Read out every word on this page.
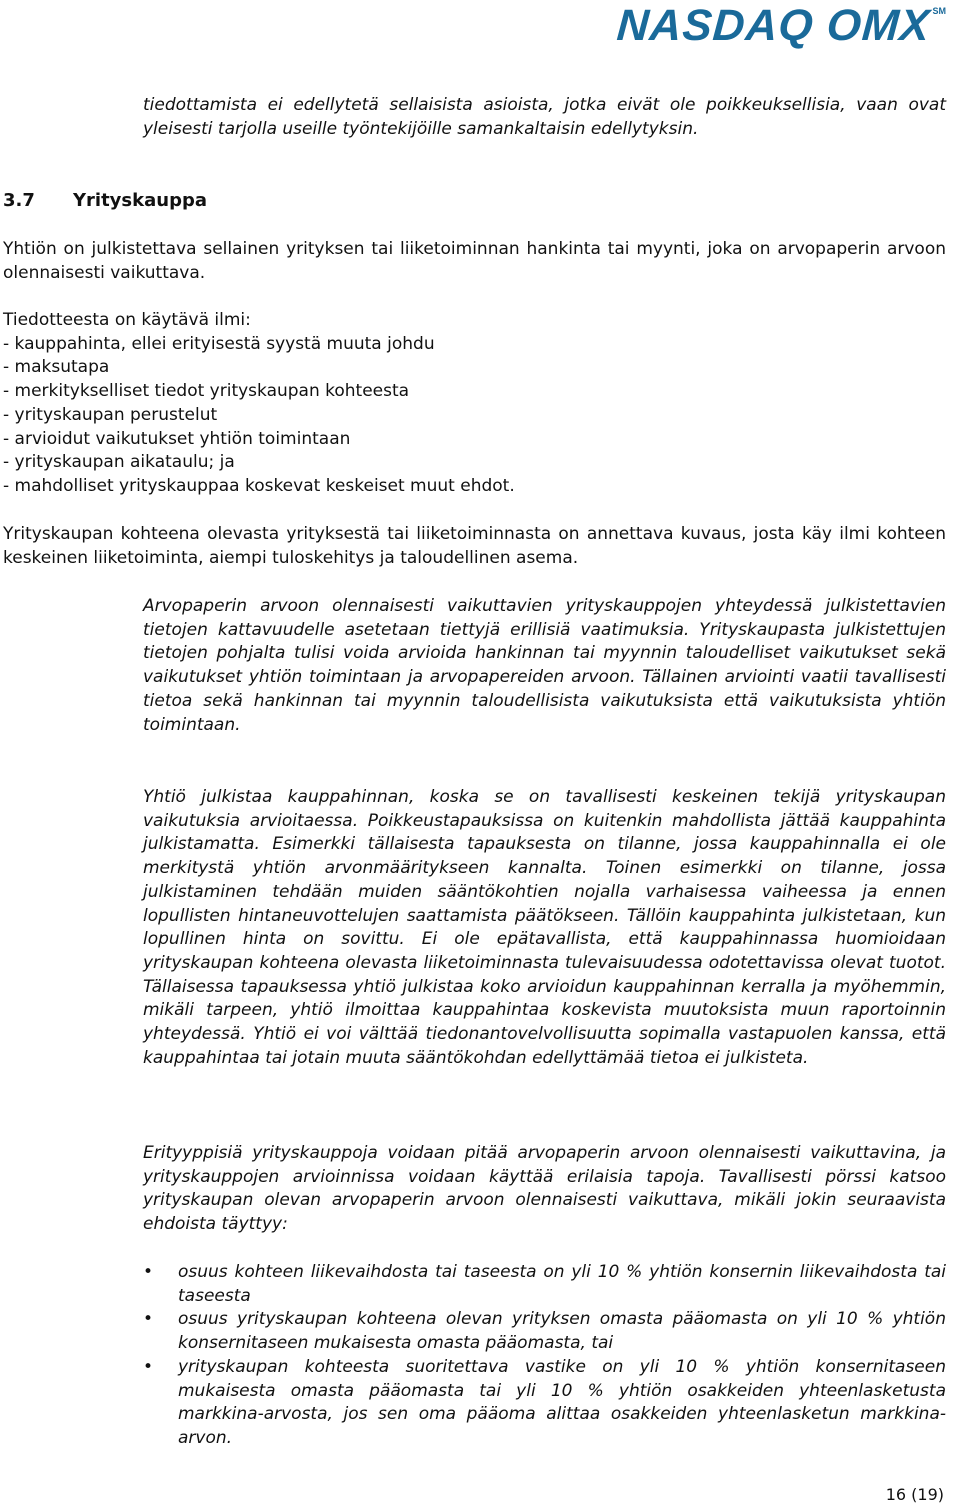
NASDAQ OMX SM

tiedottamista ei edellytetä sellaisista asioista, jotka eivät ole poikkeuksellisia, vaan ovat yleisesti tarjolla useille työntekijöille samankaltaisin edellytyksin.

3.7 Yrityskauppa

Yhtiön on julkistettava sellainen yrityksen tai liiketoiminnan hankinta tai myynti, joka on arvopaperin arvoon olennaisesti vaikuttava.

Tiedotteesta on käytävä ilmi:
- kauppahinta, ellei erityisestä syystä muuta johdu
- maksutapa
- merkitykselliset tiedot yrityskaupan kohteesta
- yrityskaupan perustelut
- arvioidut vaikutukset yhtiön toimintaan
- yrityskaupan aikataulu; ja
- mahdolliset yrityskauppaa koskevat keskeiset muut ehdot.

Yrityskaupan kohteena olevasta yrityksestä tai liiketoiminnasta on annettava kuvaus, josta käy ilmi kohteen keskeinen liiketoiminta, aiempi tuloskehitys ja taloudellinen asema.

Arvopaperin arvoon olennaisesti vaikuttavien yrityskauppojen yhteydessä julkistettavien tietojen kattavuudelle asetetaan tiettyjä erillisiä vaatimuksia. Yrityskaupasta julkistettujen tietojen pohjalta tulisi voida arvioida hankinnan tai myynnin taloudelliset vaikutukset sekä vaikutukset yhtiön toimintaan ja arvopapereiden arvoon. Tällainen arviointi vaatii tavallisesti tietoa sekä hankinnan tai myynnin taloudellisista vaikutuksista että vaikutuksista yhtiön toimintaan.

Yhtiö julkistaa kauppahinnan, koska se on tavallisesti keskeinen tekijä yrityskaupan vaikutuksia arvioitaessa. Poikkeustapauksissa on kuitenkin mahdollista jättää kauppahinta julkistamatta. Esimerkki tällaisesta tapauksesta on tilanne, jossa kauppahinnalla ei ole merkitystä yhtiön arvonmääritykseen kannalta. Toinen esimerkki on tilanne, jossa julkistaminen tehdään muiden sääntökohtien nojalla varhaisessa vaiheessa ja ennen lopullisten hintaneuvottelujen saattamista päätökseen. Tällöin kauppahinta julkistetaan, kun lopullinen hinta on sovittu. Ei ole epätavallista, että kauppahinnassa huomioidaan yrityskaupan kohteena olevasta liiketoiminnasta tulevaisuudessa odotettavissa olevat tuotot. Tällaisessa tapauksessa yhtiö julkistaa koko arvioidun kauppahinnan kerralla ja myöhemmin, mikäli tarpeen, yhtiö ilmoittaa kauppahintaa koskevista muutoksista muun raportoinnin yhteydessä. Yhtiö ei voi välttää tiedonantovelvollisuutta sopimalla vastapuolen kanssa, että kauppahintaa tai jotain muuta sääntökohdan edellyttämää tietoa ei julkisteta.

Erityyppisiä yrityskauppoja voidaan pitää arvopaperin arvoon olennaisesti vaikuttavina, ja yrityskauppojen arvioinnissa voidaan käyttää erilaisia tapoja. Tavallisesti pörssi katsoo yrityskaupan olevan arvopaperin arvoon olennaisesti vaikuttava, mikäli jokin seuraavista ehdoista täyttyy:

• osuus kohteen liikevaihdosta tai taseesta on yli 10 % yhtiön konsernin liikevaihdosta tai taseesta
• osuus yrityskaupan kohteena olevan yrityksen omasta pääomasta on yli 10 % yhtiön konsernitaseen mukaisesta omasta pääomasta, tai
• yrityskaupan kohteesta suoritettava vastike on yli 10 % yhtiön konsernitaseen mukaisesta omasta pääomasta tai yli 10 % yhtiön osakkeiden yhteenlasketusta markkina-arvosta, jos sen oma pääoma alittaa osakkeiden yhteenlasketun markkina-arvon.
16 (19)
